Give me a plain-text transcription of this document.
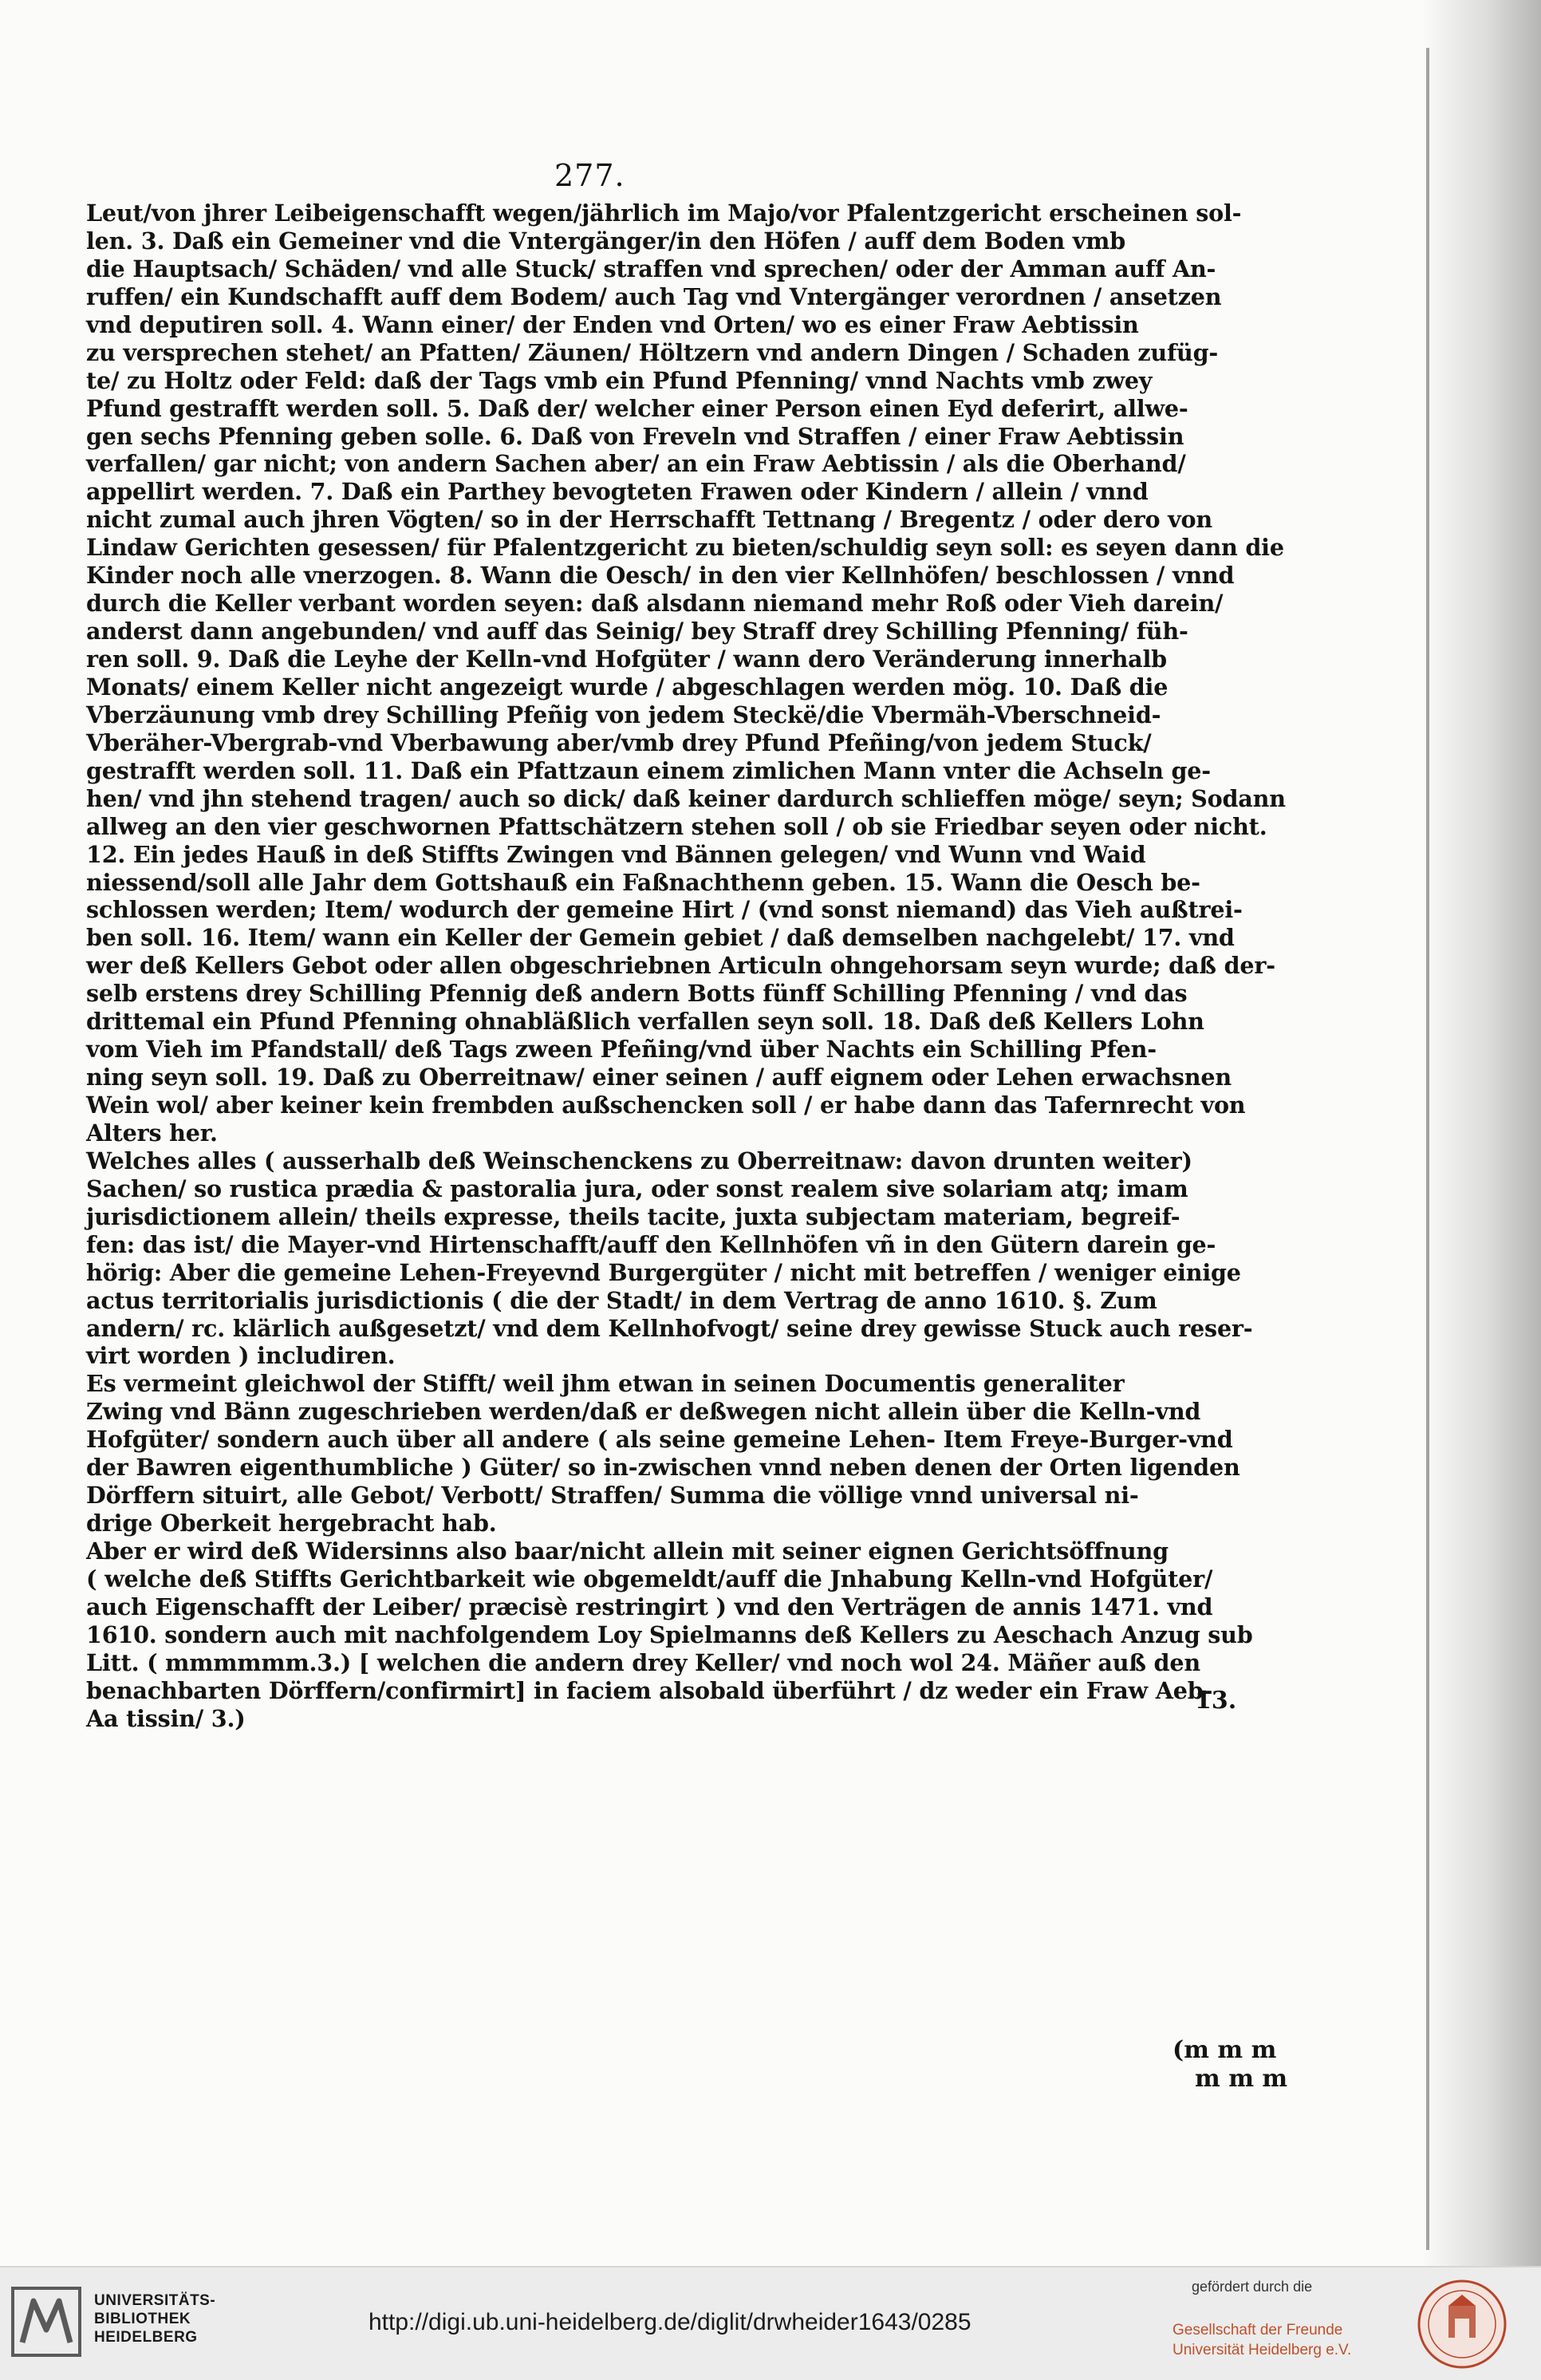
277.
Leut/von jhrer Leibeigenschafft wegen/jährlich im Majo/vor Pfalentzgericht erscheinen sol-
len. 3. Daß ein Gemeiner vnd die Vntergänger/in den Höfen / auff dem Boden vmb
die Hauptsach/ Schäden/ vnd alle Stuck/ straffen vnd sprechen/ oder der Amman auff An-
ruffen/ ein Kundschafft auff dem Bodem/ auch Tag vnd Vntergänger verordnen / ansetzen
vnd deputiren soll. 4. Wann einer/ der Enden vnd Orten/ wo es einer Fraw Aebtissin
zu versprechen stehet/ an Pfatten/ Zäunen/ Höltzern vnd andern Dingen / Schaden zufüg-
te/ zu Holtz oder Feld: daß der Tags vmb ein Pfund Pfenning/ vnnd Nachts vmb zwey
Pfund gestrafft werden soll. 5. Daß der/ welcher einer Person einen Eyd deferirt, allwe-
gen sechs Pfenning geben solle. 6. Daß von Freveln vnd Straffen / einer Fraw Aebtissin
verfallen/ gar nicht; von andern Sachen aber/ an ein Fraw Aebtissin / als die Oberhand/
appellirt werden. 7. Daß ein Parthey bevogteten Frawen oder Kindern / allein / vnnd
nicht zumal auch jhren Vögten/ so in der Herrschafft Tettnang / Bregentz / oder dero von
Lindaw Gerichten gesessen/ für Pfalentzgericht zu bieten/schuldig seyn soll: es seyen dann die
Kinder noch alle vnerzogen. 8. Wann die Oesch/ in den vier Kellnhöfen/ beschlossen / vnnd
durch die Keller verbant worden seyen: daß alsdann niemand mehr Roß oder Vieh darein/
anderst dann angebunden/ vnd auff das Seinig/ bey Straff drey Schilling Pfenning/ füh-
ren soll. 9. Daß die Leyhe der Kelln-vnd Hofgüter / wann dero Veränderung innerhalb
Monats/ einem Keller nicht angezeigt wurde / abgeschlagen werden mög. 10. Daß die
Vberzäunung vmb drey Schilling Pfeñig von jedem Steckë/die Vbermäh-Vberschneid-
Vberäher-Vbergrab-vnd Vberbawung aber/vmb drey Pfund Pfeñing/von jedem Stuck/
gestrafft werden soll. 11. Daß ein Pfattzaun einem zimlichen Mann vnter die Achseln ge-
hen/ vnd jhn stehend tragen/ auch so dick/ daß keiner dardurch schlieffen möge/ seyn; Sodann
allweg an den vier geschwornen Pfattschätzern stehen soll / ob sie Friedbar seyen oder nicht.
12. Ein jedes Hauß in deß Stiffts Zwingen vnd Bännen gelegen/ vnd Wunn vnd Waid
niessend/soll alle Jahr dem Gottshauß ein Faßnachthenn geben. 15. Wann die Oesch be-
schlossen werden; Item/ wodurch der gemeine Hirt / (vnd sonst niemand) das Vieh außtrei-
ben soll. 16. Item/ wann ein Keller der Gemein gebiet / daß demselben nachgelebt/ 17. vnd
wer deß Kellers Gebot oder allen obgeschriebnen Articuln ohngehorsam seyn wurde; daß der-
selb erstens drey Schilling Pfennig deß andern Botts fünff Schilling Pfenning / vnd das
drittemal ein Pfund Pfenning ohnabläßlich verfallen seyn soll. 18. Daß deß Kellers Lohn
vom Vieh im Pfandstall/ deß Tags zween Pfeñing/vnd über Nachts ein Schilling Pfen-
ning seyn soll. 19. Daß zu Oberreitnaw/ einer seinen / auff eignem oder Lehen erwachsnen
Wein wol/ aber keiner kein frembden außschencken soll / er habe dann das Tafernrecht von
Alters her.
Welches alles ( ausserhalb deß Weinschenckens zu Oberreitnaw: davon drunten weiter)
Sachen/ so rustica prædia & pastoralia jura, oder sonst realem sive solariam atq; imam
jurisdictionem allein/ theils expresse, theils tacite, juxta subjectam materiam, begreif-
fen: das ist/ die Mayer-vnd Hirtenschafft/auff den Kellnhöfen vñ in den Gütern darein ge-
hörig: Aber die gemeine Lehen-Freyevnd Burgergüter / nicht mit betreffen / weniger einige
actus territorialis jurisdictionis ( die der Stadt/ in dem Vertrag de anno 1610. §. Zum
andern/ rc. klärlich außgesetzt/ vnd dem Kellnhofvogt/ seine drey gewisse Stuck auch reser-
virt worden ) includiren.
Es vermeint gleichwol der Stifft/ weil jhm etwan in seinen Documentis generaliter
Zwing vnd Bänn zugeschrieben werden/daß er deßwegen nicht allein über die Kelln-vnd
Hofgüter/ sondern auch über all andere ( als seine gemeine Lehen- Item Freye-Burger-vnd
der Bawren eigenthumbliche ) Güter/ so in-zwischen vnnd neben denen der Orten ligenden
Dörffern situirt, alle Gebot/ Verbott/ Straffen/ Summa die völlige vnnd universal ni-
drige Oberkeit hergebracht hab.
Aber er wird deß Widersinns also baar/nicht allein mit seiner eignen Gerichtsöffnung
( welche deß Stiffts Gerichtbarkeit wie obgemeldt/auff die Jnhabung Kelln-vnd Hofgüter/
auch Eigenschafft der Leiber/ præcisè restringirt ) vnd den Verträgen de annis 1471. vnd
1610. sondern auch mit nachfolgendem Loy Spielmanns deß Kellers zu Aeschach Anzug sub
Litt. ( mmmmmm.3.) [ welchen die andern drey Keller/ vnd noch wol 24. Mäñer auß den
benachbarten Dörffern/confirmirt] in faciem alsobald überführt / dz weder ein Fraw Aeb-
Aa tissin/ 3.)
13.
(m m m
m m m
UNIVERSITÄTS-
BIBLIOTHEK
HEIDELBERG
http://digi.ub.uni-heidelberg.de/diglit/drwheider1643/0285
gefördert durch die
Gesellschaft der Freunde
Universität Heidelberg e.V.
